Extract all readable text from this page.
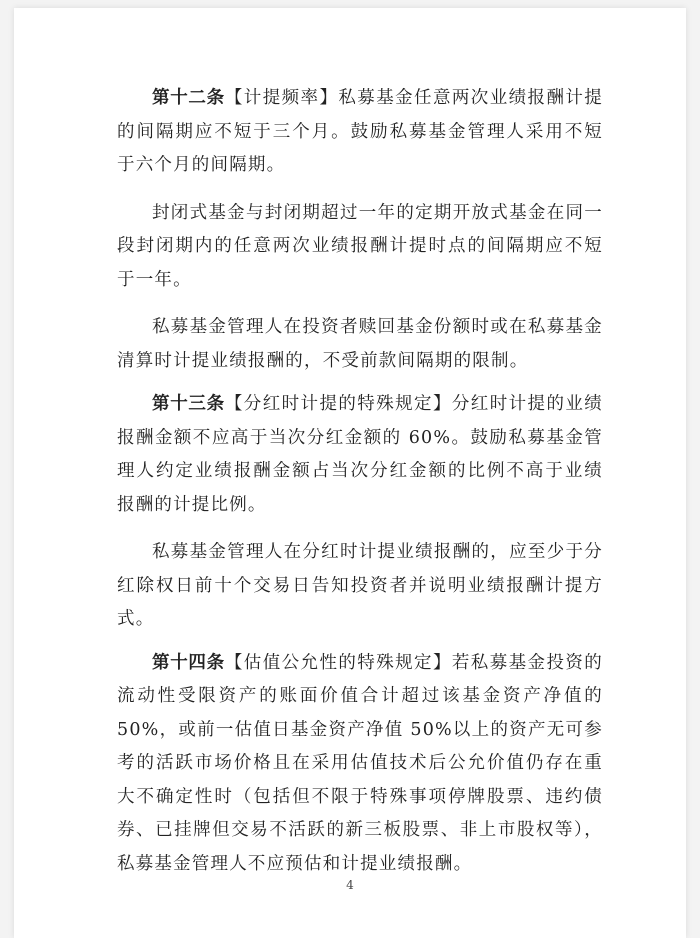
第十二条【计提频率】私募基金任意两次业绩报酬计提的间隔期应不短于三个月。鼓励私募基金管理人采用不短于六个月的间隔期。

封闭式基金与封闭期超过一年的定期开放式基金在同一段封闭期内的任意两次业绩报酬计提时点的间隔期应不短于一年。

私募基金管理人在投资者赎回基金份额时或在私募基金清算时计提业绩报酬的，不受前款间隔期的限制。

第十三条【分红时计提的特殊规定】分红时计提的业绩报酬金额不应高于当次分红金额的 60%。鼓励私募基金管理人约定业绩报酬金额占当次分红金额的比例不高于业绩报酬的计提比例。

私募基金管理人在分红时计提业绩报酬的，应至少于分红除权日前十个交易日告知投资者并说明业绩报酬计提方式。

第十四条【估值公允性的特殊规定】若私募基金投资的流动性受限资产的账面价值合计超过该基金资产净值的 50%，或前一估值日基金资产净值 50%以上的资产无可参考的活跃市场价格且在采用估值技术后公允价值仍存在重大不确定性时（包括但不限于特殊事项停牌股票、违约债券、已挂牌但交易不活跃的新三板股票、非上市股权等），私募基金管理人不应预估和计提业绩报酬。

4
